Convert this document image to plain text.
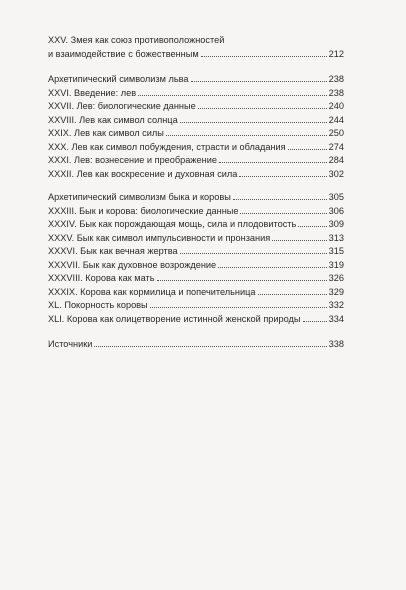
XXV. Змея как союз противоположностей
и взаимодействие с божественным	212
Архетипический символизм льва	238
XXVI. Введение: лев	238
XXVII. Лев: биологические данные	240
XXVIII. Лев как символ солнца	244
XXIX. Лев как символ силы	250
XXX. Лев как символ побуждения, страсти и обладания	274
XXXI. Лев: вознесение и преображение	284
XXXII. Лев как воскресение и духовная сила	302
Архетипический символизм быка и коровы	305
XXXIII. Бык и корова: биологические данные	306
XXXIV. Бык как порождающая мощь, сила и плодовитость	309
XXXV. Бык как символ импульсивности и пронзания	313
XXXVI. Бык как вечная жертва	315
XXXVII. Бык как духовное возрождение	319
XXXVIII. Корова как мать	326
XXXIX. Корова как кормилица и попечительница	329
XL. Покорность коровы	332
XLI. Корова как олицетворение истинной женской природы	334
Источники	338
